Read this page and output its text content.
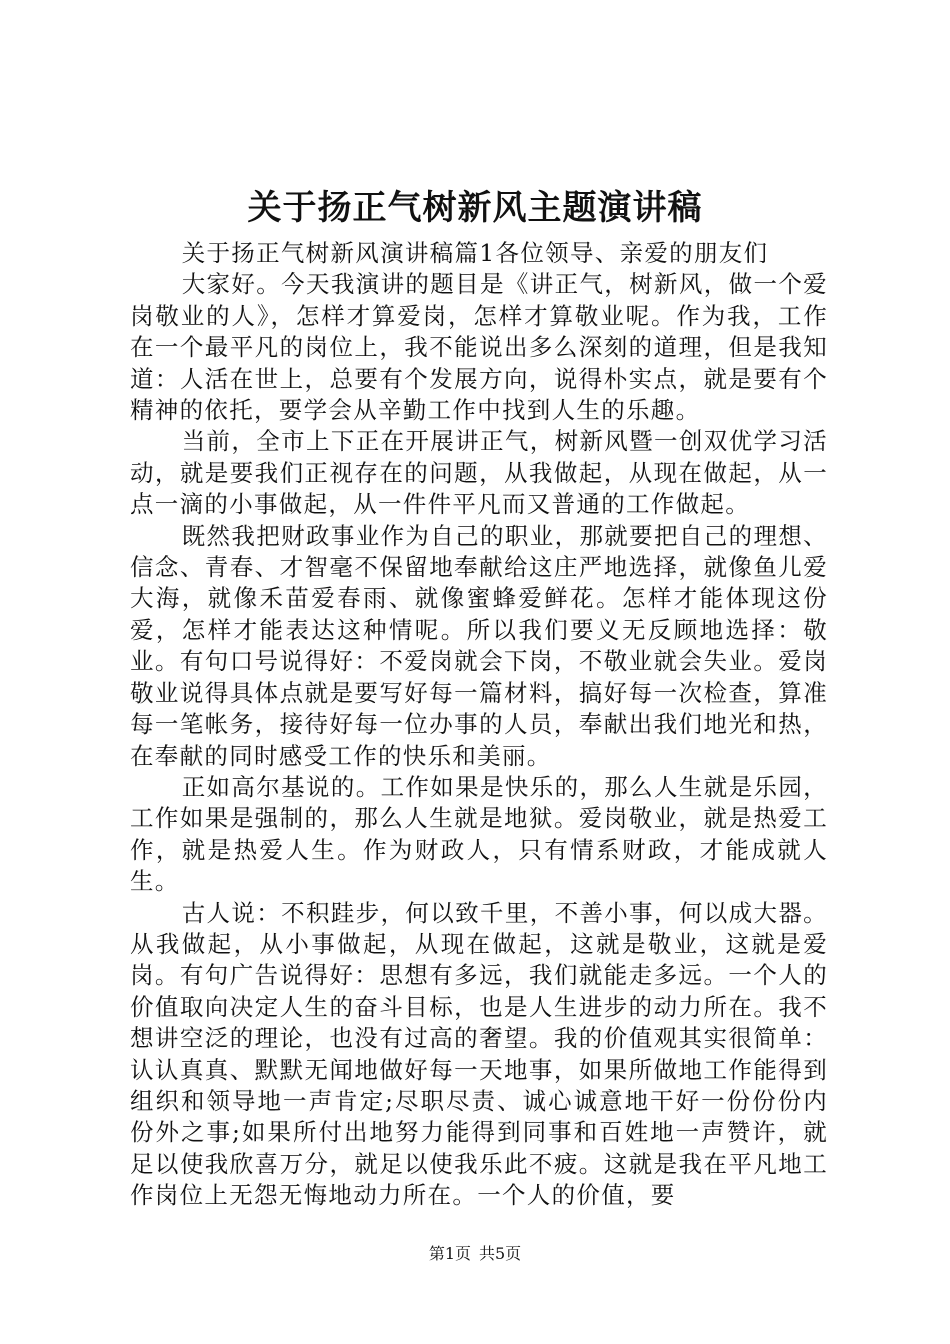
关于扬正气树新风主题演讲稿

关于扬正气树新风演讲稿篇1各位领导、亲爱的朋友们

大家好。今天我演讲的题目是《讲正气，树新风，做一个爱岗敬业的人》，怎样才算爱岗，怎样才算敬业呢。作为我，工作在一个最平凡的岗位上，我不能说出多么深刻的道理，但是我知道：人活在世上，总要有个发展方向，说得朴实点，就是要有个精神的依托，要学会从辛勤工作中找到人生的乐趣。

当前，全市上下正在开展讲正气，树新风暨一创双优学习活动，就是要我们正视存在的问题，从我做起，从现在做起，从一点一滴的小事做起，从一件件平凡而又普通的工作做起。

既然我把财政事业作为自己的职业，那就要把自己的理想、信念、青春、才智毫不保留地奉献给这庄严地选择，就像鱼儿爱大海，就像禾苗爱春雨、就像蜜蜂爱鲜花。怎样才能体现这份爱，怎样才能表达这种情呢。所以我们要义无反顾地选择：敬业。有句口号说得好：不爱岗就会下岗，不敬业就会失业。爱岗敬业说得具体点就是要写好每一篇材料，搞好每一次检查，算准每一笔帐务，接待好每一位办事的人员，奉献出我们地光和热，在奉献的同时感受工作的快乐和美丽。

正如高尔基说的。工作如果是快乐的，那么人生就是乐园，工作如果是强制的，那么人生就是地狱。爱岗敬业，就是热爱工作，就是热爱人生。作为财政人，只有情系财政，才能成就人生。

古人说：不积跬步，何以致千里，不善小事，何以成大器。从我做起，从小事做起，从现在做起，这就是敬业，这就是爱岗。有句广告说得好：思想有多远，我们就能走多远。一个人的价值取向决定人生的奋斗目标，也是人生进步的动力所在。我不想讲空泛的理论，也没有过高的奢望。我的价值观其实很简单：认认真真、默默无闻地做好每一天地事，如果所做地工作能得到组织和领导地一声肯定;尽职尽责、诚心诚意地干好一份份份内份外之事;如果所付出地努力能得到同事和百姓地一声赞许，就足以使我欣喜万分，就足以使我乐此不疲。这就是我在平凡地工作岗位上无怨无悔地动力所在。一个人的价值，要

第1页 共5页
